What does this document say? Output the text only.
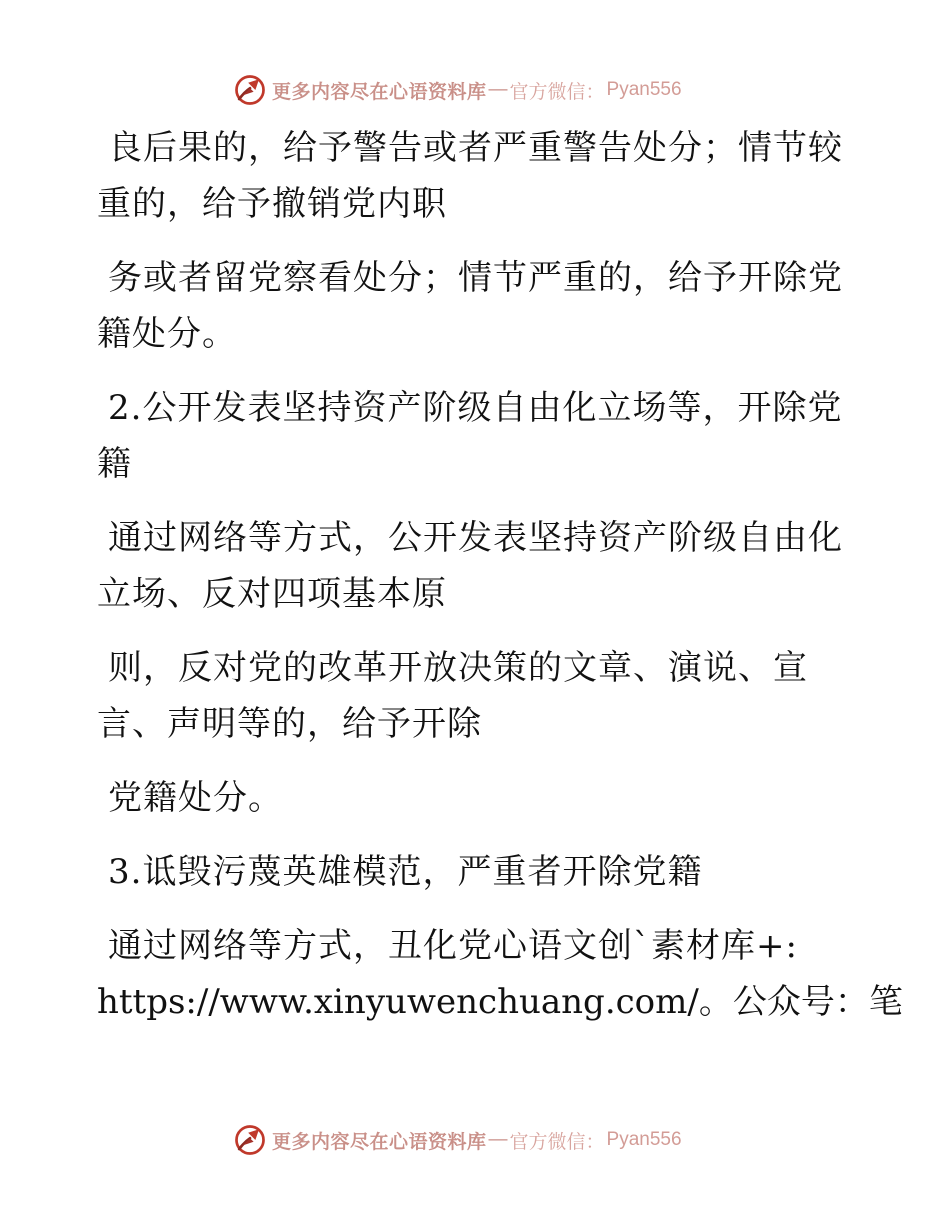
更多内容尽在心语资料库 — 官方微信： Pyan556

良后果的，给予警告或者严重警告处分；情节较
重的，给予撤销党内职

务或者留党察看处分；情节严重的，给予开除党
籍处分。

2.公开发表坚持资产阶级自由化立场等，开除党
籍

通过网络等方式，公开发表坚持资产阶级自由化
立场、反对四项基本原

则，反对党的改革开放决策的文章、演说、宣
言、声明等的，给予开除

党籍处分。

3.诋毁污蔑英雄模范，严重者开除党籍

通过网络等方式，丑化党心语文创`素材库+:
https://www.xinyuwenchuang.com/。公众号：笔

更多内容尽在心语资料库 — 官方微信： Pyan556
